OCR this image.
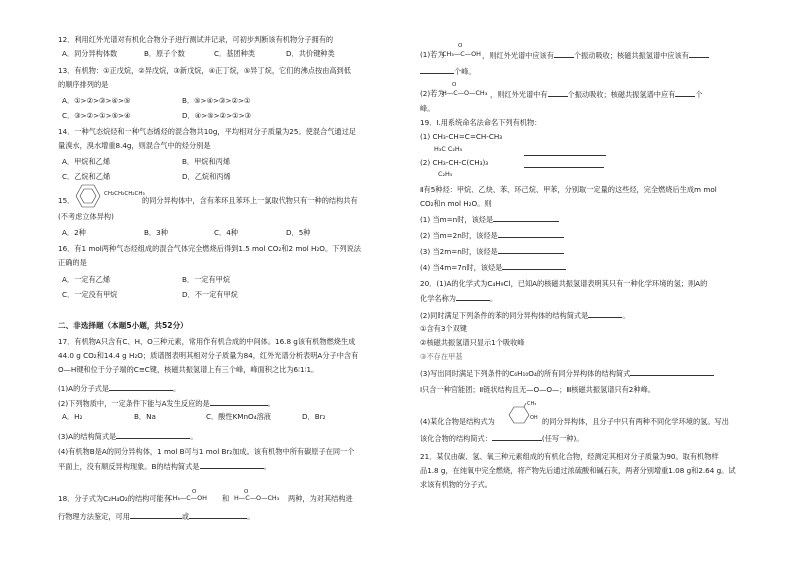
12．利用红外光谱对有机化合物分子进行测试并记录，可初步判断该有机物分子拥有的
A．同分异构体数	B．原子个数	C．基团种类	D．共价键种类
13．有机物：①正戊烷，②异戊烷，③新戊烷，④正丁烷，⑤异丁烷，它们的沸点按由高到低
的顺序排列的是
A．①>②>③>④>⑤	B．⑤>④>③>②>①
C．③>②>①>⑤>④	D．④>⑤>②>①>③
14．一种气态烷烃和一种气态烯烃的混合物共10g，平均相对分子质量为25。使混合气通过足
量溴水，溴水增重8.4g，则混合气中的烃分别是
A．甲烷和乙烯	B．甲烷和丙烯
C．乙烷和乙烯	D．乙烷和丙烯
15．
CH₂CH₂CH₂CH₃
的同分异构体中，含有苯环且苯环上一氯取代物只有一种的结构共有
(不考虑立体异构)
A．2种	B．3种	C．4种	D．5种
16．有1 mol两种气态烃组成的混合气体完全燃烧后得到1.5 mol CO₂和2 mol H₂O。下列说法
正确的是
A．一定有乙烯	B．一定有甲烷
C．一定没有甲烷	D．不一定有甲烷
二、非选择题（本题5小题，共52分）
17．有机物A只含有C、H、O三种元素，常用作有机合成的中间体。16.8 g该有机物燃烧生成
44.0 g CO₂和14.4 g H₂O；质谱图表明其相对分子质量为84，红外光谱分析表明A分子中含有
O—H键和位于分子端的C≡C键，核磁共振氢谱上有三个峰，峰面积之比为6∶1∶1。
(1)A的分子式是	。
(2)下列物质中，一定条件下能与A发生反应的是	。
A．H₂	B．Na	C．酸性KMnO₄溶液	D．Br₂
(3)A的结构简式是	。
(4)有机物B是A的同分异构体，1 mol B可与1 mol Br₂加成。该有机物中所有碳原子在同一个
平面上，没有顺反异构现象。B的结构简式是	。
18．分子式为C₂H₄O₂的结构可能有
O
CH₃—C—OH 和
O
H—C—O—CH₃ 两种，为对其结构进
行物理方法鉴定，可用	或	。
(1)若为
O
CH₃—C—OH ，则红外光谱中应该有	个振动吸收；核磁共振氢谱中应该有
个峰。
(2)若为
O
H—C—O—CH₃ ，则红外光谱中有	个振动吸收；核磁共振氢谱中应有	个
峰。
19．Ⅰ.用系统命名法命名下列有机物：
(1) CH₃-CH=C=CH-CH₃
H₃C C₂H₅
(2) CH₃-CH-C(CH₃)₃
C₂H₅
Ⅱ有5种烃：甲烷、乙炔、苯、环己烷、甲苯，分别取一定量的这些烃，完全燃烧后生成m mol
CO₂和n mol H₂O。则
(1) 当m=n时，该烃是
(2) 当m=2n时，该烃是
(3) 当2m=n时，该烃是
(4) 当4m=7n时，该烃是
20．(1)A的化学式为C₄H₉Cl，已知A的核磁共振氢谱表明其只有一种化学环境的氢；则A的
化学名称为	。
(2)同时满足下列条件的苯的同分异构体的结构简式是	。
①含有3个双键
②核磁共振氢谱只显示1个吸收峰
③不存在甲基
(3)写出同时满足下列条件的C₆H₁₀O₄的所有同分异构体的结构简式
Ⅰ只含一种官能团；Ⅱ链状结构且无—O—O—；Ⅲ核磁共振氢谱只有2种峰。
(4)某化合物是结构式为
CH₃
OH 的同分异构体，且分子中只有两种不同化学环境的氢。写出
该化合物的结构简式：	(任写一种)。
21．某仅由碳、氢、氧三种元素组成的有机化合物，经测定其相对分子质量为90。取有机物样
品1.8 g，在纯氧中完全燃烧，将产物先后通过浓硫酸和碱石灰，两者分别增重1.08 g和2.64 g。试
求该有机物的分子式。
